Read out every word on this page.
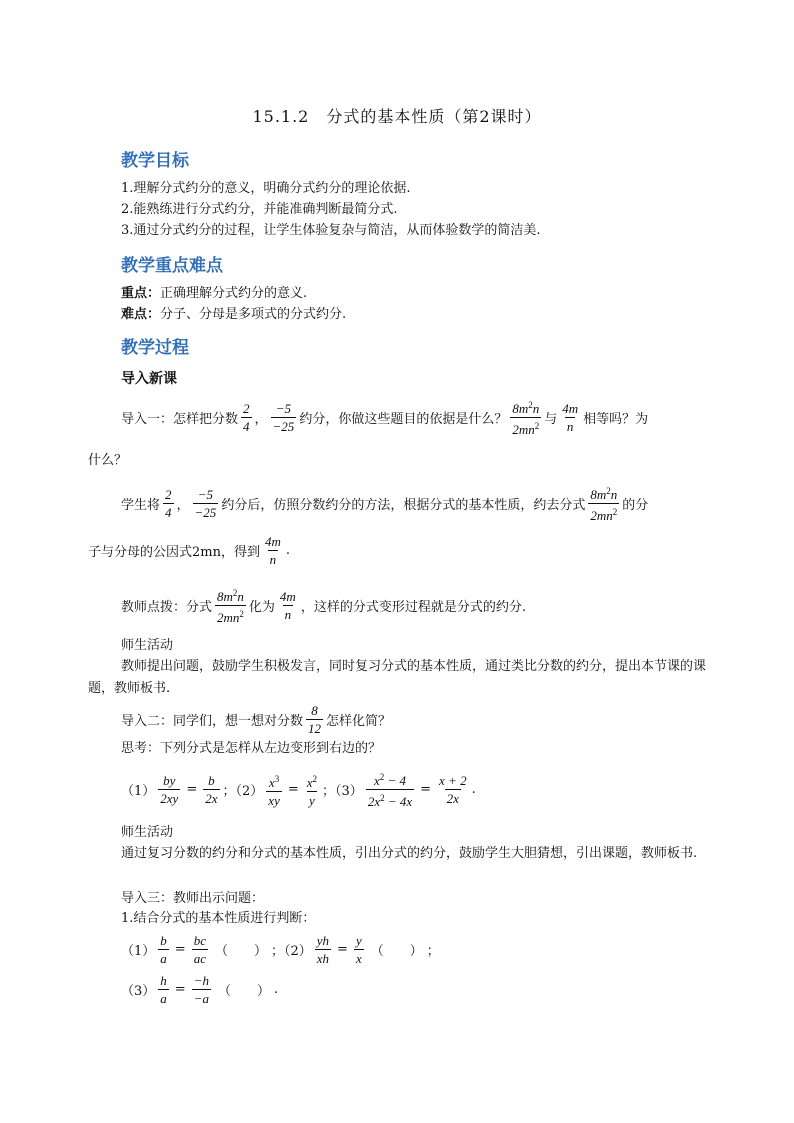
15.1.2　分式的基本性质（第2课时）
教学目标
1.理解分式约分的意义，明确分式约分的理论依据.
2.能熟练进行分式约分，并能准确判断最简分式.
3.通过分式约分的过程，让学生体验复杂与简洁，从而体验数学的简洁美.
教学重点难点
重点：正确理解分式约分的意义.
难点：分子、分母是多项式的分式约分.
教学过程
导入新课
导入一：怎样把分数 $\frac{2}{4}$ ， $\frac{-5}{-25}$ 约分，你做这些题目的依据是什么？ $\frac{8m^2n}{2mn^2}$ 与 $\frac{4m}{n}$ 相等吗？为
什么？
学生将 $\frac{2}{4}$ ， $\frac{-5}{-25}$ 约分后，仿照分数约分的方法，根据分式的基本性质，约去分式 $\frac{8m^2n}{2mn^2}$ 的分
子与分母的公因式2mn，得到 $\frac{4m}{n}$ .
教师点拨：分式 $\frac{8m^2n}{2mn^2}$ 化为 $\frac{4m}{n}$ ，这样的分式变形过程就是分式的约分.
师生活动
教师提出问题，鼓励学生积极发言，同时复习分式的基本性质，通过类比分数的约分，提出本节课的课题，教师板书.
导入二：同学们，想一想对分数 $\frac{8}{12}$ 怎样化简？
思考：下列分式是怎样从左边变形到右边的？
$(1) \frac{by}{2xy} = \frac{b}{2x}$ ；$(2) \frac{x^3}{xy} = \frac{x^2}{y}$ ；$(3) \frac{x^2 - 4}{2x^2 - 4x} = \frac{x + 2}{2x}$ .
师生活动
通过复习分数的约分和分式的基本性质，引出分式的约分，鼓励学生大胆猜想，引出课题，教师板书.
导入三：教师出示问题：
1.结合分式的基本性质进行判断：
$(1) \frac{b}{a} = \frac{bc}{ac}$ （　　） ；$(2) \frac{yh}{xh} = \frac{y}{x}$ （　　） ；
$(3) \frac{h}{a} = \frac{-h}{-a}$ （　　） .
